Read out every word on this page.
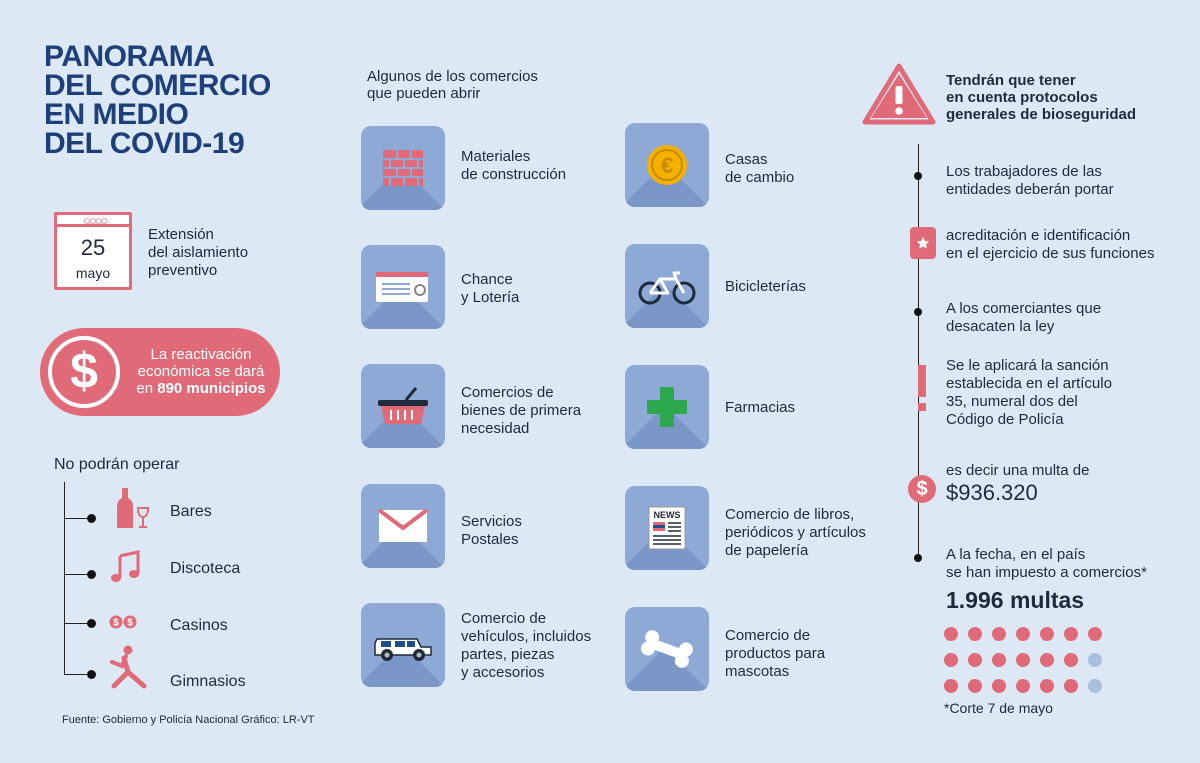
PANORAMA
DEL COMERCIO
EN MEDIO
DEL COVID-19
○○○○
25
mayo
Extensión
del aislamiento
preventivo
$	La reactivación
económica se dará
en 890 municipios
No podrán operar
Bares
Discoteca
$ $ Casinos
Gimnasios
Fuente: Gobierno y Policía Nacional Gráfico: LR-VT
Algunos de los comercios
que pueden abrir
Materiales
de construcción
Chance
y Lotería
Comercios de
bienes de primera
necesidad
Servicios
Postales
Comercio de
vehículos, incluidos
partes, piezas
y accesorios
€	Casas
de cambio
Bicicleterías
Farmacias
NEWS	Comercio de libros,
periódicos y artículos
de papelería
Comercio de
productos para
mascotas
Tendrán que tener
en cuenta protocolos
generales de bioseguridad
Los trabajadores de las
entidades deberán portar
acreditación e identificación
en el ejercicio de sus funciones
A los comerciantes que
desacaten la ley
Se le aplicará la sanción
establecida en el artículo
35, numeral dos del
Código de Policía
$
es decir una multa de
$936.320
A la fecha, en el país
se han impuesto a comercios*
1.996 multas
*Corte 7 de mayo
